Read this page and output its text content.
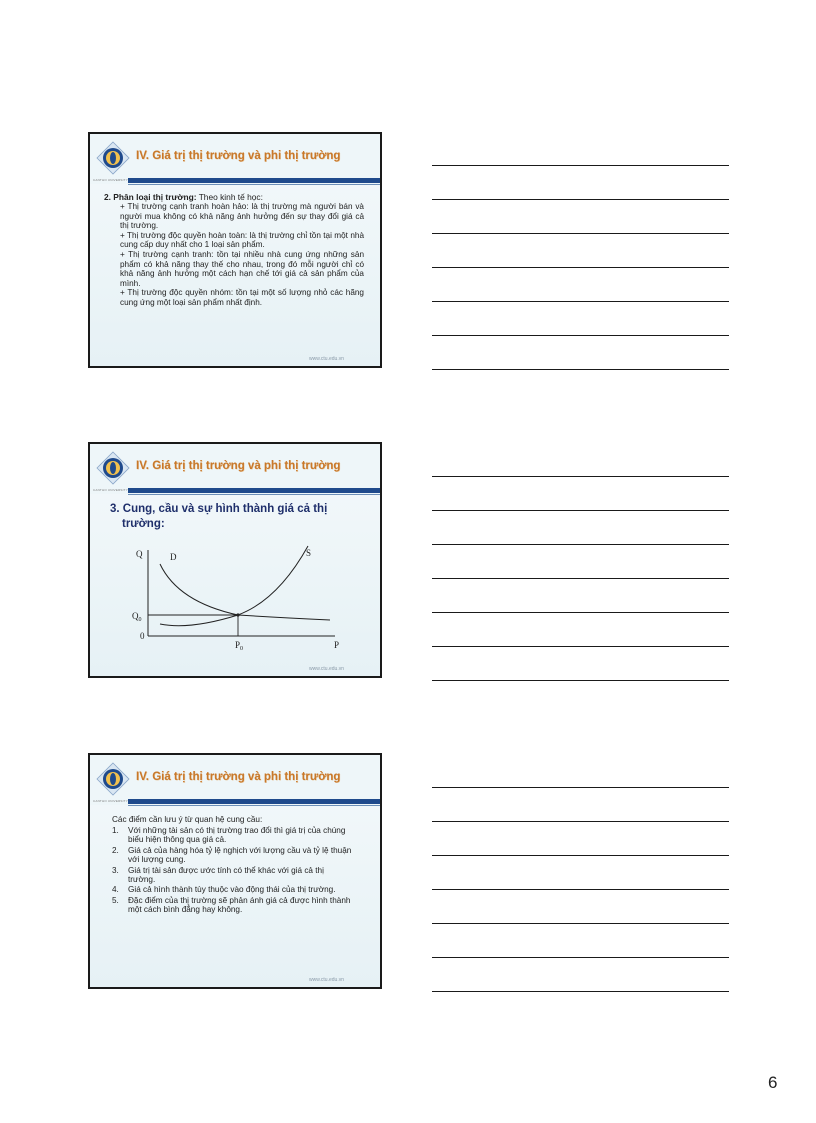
CANTHO UNIVERSITY
IV. Giá trị thị trường và phi thị trường
2. Phân loại thị trường: Theo kinh tế học:

+ Thị trường cạnh tranh hoàn hảo: là thị trường mà người bán và người mua không có khả năng ảnh hưởng đến sự thay đổi giá cả thị trường.

+ Thị trường độc quyền hoàn toàn: là thị trường chỉ tồn tại một nhà cung cấp duy nhất cho 1 loại sản phẩm.

+ Thị trường cạnh tranh: tồn tại nhiều nhà cung ứng những sản phẩm có khả năng thay thế cho nhau, trong đó mỗi người chỉ có khả năng ảnh hưởng một cách hạn chế tới giá cả sản phẩm của mình.

+ Thị trường độc quyền nhóm: tồn tại một số lượng nhỏ các hãng cung ứng một loại sản phẩm nhất định.

www.ctu.edu.vn
CANTHO UNIVERSITY
IV. Giá trị thị trường và phi thị trường
3. Cung, cầu và sự hình thành giá cả thị
trường:
Q	D	S
$Q_0$
0
$P_0$	P
www.ctu.edu.vn
CANTHO UNIVERSITY
IV. Giá trị thị trường và phi thị trường
Các điểm cần lưu ý từ quan hệ cung cầu:
1.	Với những tài sản có thị trường trao đổi thì giá trị của chúng biểu hiện thông qua giá cả.
2.	Giá cả của hàng hóa tỷ lệ nghịch với lượng cầu và tỷ lệ thuận với lượng cung.
3.	Giá trị tài sản được ước tính có thể khác với giá cả thị trường.
4.	Giá cả hình thành tùy thuộc vào động thái của thị trường.
5.	Đặc điểm của thị trường sẽ phản ánh giá cả được hình thành một cách bình đẳng hay không.
www.ctu.edu.vn
6
